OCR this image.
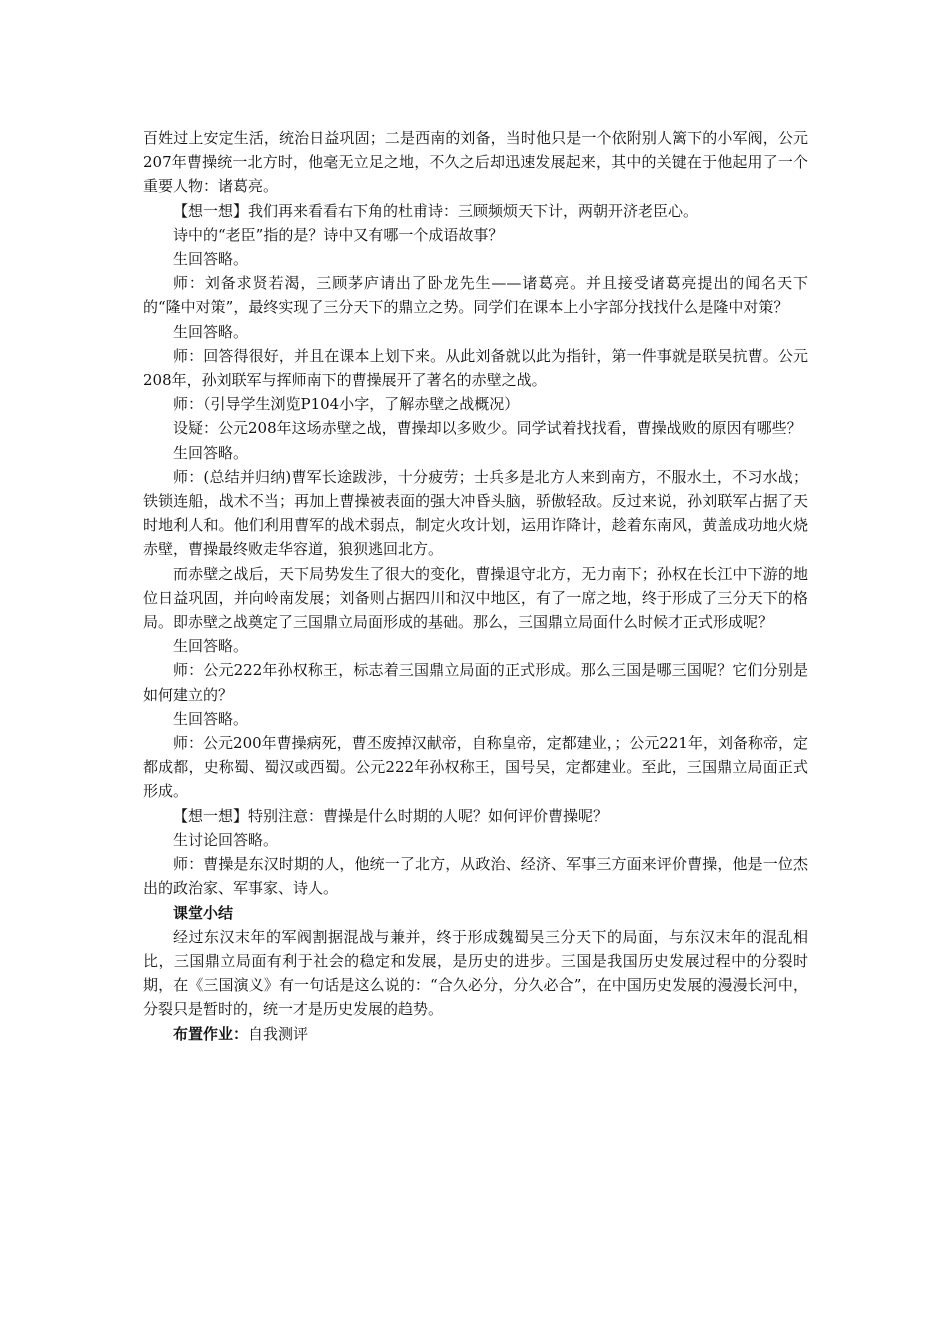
百姓过上安定生活，统治日益巩固；二是西南的刘备，当时他只是一个依附别人篱下的小军阀，公元207年曹操统一北方时，他毫无立足之地，不久之后却迅速发展起来，其中的关键在于他起用了一个重要人物：诸葛亮。

【想一想】我们再来看看右下角的杜甫诗：三顾频烦天下计，两朝开济老臣心。

诗中的“老臣”指的是？诗中又有哪一个成语故事？

生回答略。

师：刘备求贤若渴，三顾茅庐请出了卧龙先生——诸葛亮。并且接受诸葛亮提出的闻名天下的“隆中对策”，最终实现了三分天下的鼎立之势。同学们在课本上小字部分找找什么是隆中对策？

生回答略。

师：回答得很好，并且在课本上划下来。从此刘备就以此为指针，第一件事就是联吴抗曹。公元208年，孙刘联军与挥师南下的曹操展开了著名的赤壁之战。

师：（引导学生浏览P104小字，了解赤壁之战概况）

设疑：公元208年这场赤壁之战，曹操却以多败少。同学试着找找看，曹操战败的原因有哪些？

生回答略。

师：(总结并归纳)曹军长途跋涉，十分疲劳；士兵多是北方人来到南方，不服水土，不习水战；铁锁连船，战术不当；再加上曹操被表面的强大冲昏头脑，骄傲轻敌。反过来说，孙刘联军占据了天时地利人和。他们利用曹军的战术弱点，制定火攻计划，运用诈降计，趁着东南风，黄盖成功地火烧赤壁，曹操最终败走华容道，狼狈逃回北方。

而赤壁之战后，天下局势发生了很大的变化，曹操退守北方，无力南下；孙权在长江中下游的地位日益巩固，并向岭南发展；刘备则占据四川和汉中地区，有了一席之地，终于形成了三分天下的格局。即赤壁之战奠定了三国鼎立局面形成的基础。那么，三国鼎立局面什么时候才正式形成呢？

生回答略。

师：公元222年孙权称王，标志着三国鼎立局面的正式形成。那么三国是哪三国呢？它们分别是如何建立的？

生回答略。

师：公元200年曹操病死，曹丕废掉汉献帝，自称皇帝，定都建业，；公元221年，刘备称帝，定都成都，史称蜀、蜀汉或西蜀。公元222年孙权称王，国号吴，定都建业。至此，三国鼎立局面正式形成。

【想一想】特别注意：曹操是什么时期的人呢？如何评价曹操呢？

生讨论回答略。

师：曹操是东汉时期的人，他统一了北方，从政治、经济、军事三方面来评价曹操，他是一位杰出的政治家、军事家、诗人。

课堂小结

经过东汉末年的军阀割据混战与兼并，终于形成魏蜀吴三分天下的局面，与东汉末年的混乱相比，三国鼎立局面有利于社会的稳定和发展，是历史的进步。三国是我国历史发展过程中的分裂时期，在《三国演义》有一句话是这么说的：“合久必分，分久必合”，在中国历史发展的漫漫长河中，分裂只是暂时的，统一才是历史发展的趋势。

布置作业：自我测评
